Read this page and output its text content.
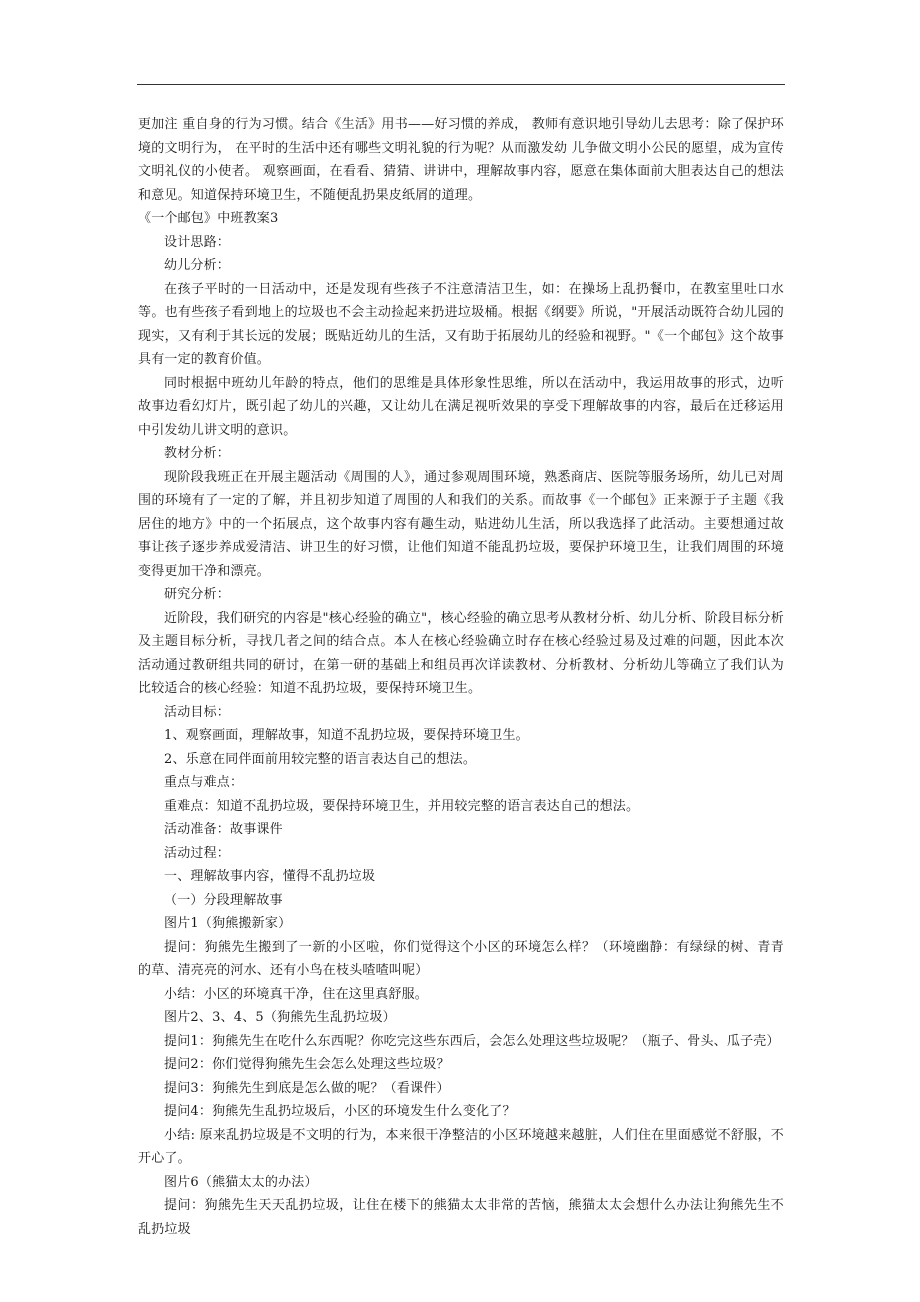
更加注 重自身的行为习惯。结合《生活》用书——好习惯的养成， 教师有意识地引导幼儿去思考：除了保护环境的文明行为， 在平时的生活中还有哪些文明礼貌的行为呢？从而激发幼 儿争做文明小公民的愿望，成为宣传文明礼仪的小使者。 观察画面，在看看、猜猜、讲讲中，理解故事内容，愿意在集体面前大胆表达自己的想法和意见。知道保持环境卫生，不随便乱扔果皮纸屑的道理。

《一个邮包》中班教案3

设计思路：

幼儿分析：

在孩子平时的一日活动中，还是发现有些孩子不注意清洁卫生，如：在操场上乱扔餐巾，在教室里吐口水等。也有些孩子看到地上的垃圾也不会主动捡起来扔进垃圾桶。根据《纲要》所说，"开展活动既符合幼儿园的现实，又有利于其长远的发展；既贴近幼儿的生活，又有助于拓展幼儿的经验和视野。"《一个邮包》这个故事具有一定的教育价值。

同时根据中班幼儿年龄的特点，他们的思维是具体形象性思维，所以在活动中，我运用故事的形式，边听故事边看幻灯片，既引起了幼儿的兴趣，又让幼儿在满足视听效果的享受下理解故事的内容，最后在迁移运用中引发幼儿讲文明的意识。

教材分析：

现阶段我班正在开展主题活动《周围的人》，通过参观周围环境，熟悉商店、医院等服务场所，幼儿已对周围的环境有了一定的了解，并且初步知道了周围的人和我们的关系。而故事《一个邮包》正来源于子主题《我居住的地方》中的一个拓展点，这个故事内容有趣生动，贴进幼儿生活，所以我选择了此活动。主要想通过故事让孩子逐步养成爱清洁、讲卫生的好习惯，让他们知道不能乱扔垃圾，要保护环境卫生，让我们周围的环境变得更加干净和漂亮。

研究分析：

近阶段，我们研究的内容是"核心经验的确立"，核心经验的确立思考从教材分析、幼儿分析、阶段目标分析及主题目标分析，寻找几者之间的结合点。本人在核心经验确立时存在核心经验过易及过难的问题，因此本次活动通过教研组共同的研讨，在第一研的基础上和组员再次详读教材、分析教材、分析幼儿等确立了我们认为比较适合的核心经验：知道不乱扔垃圾，要保持环境卫生。

活动目标：

1、观察画面，理解故事，知道不乱扔垃圾，要保持环境卫生。

2、乐意在同伴面前用较完整的语言表达自己的想法。

重点与难点：

重难点：知道不乱扔垃圾，要保持环境卫生，并用较完整的语言表达自己的想法。

活动准备：故事课件

活动过程：

一、理解故事内容，懂得不乱扔垃圾

（一）分段理解故事

图片1（狗熊搬新家）

提问：狗熊先生搬到了一新的小区啦，你们觉得这个小区的环境怎么样？（环境幽静：有绿绿的树、青青的草、清亮亮的河水、还有小鸟在枝头喳喳叫呢）

小结：小区的环境真干净，住在这里真舒服。

图片2、3、4、5（狗熊先生乱扔垃圾）

提问1：狗熊先生在吃什么东西呢？你吃完这些东西后，会怎么处理这些垃圾呢？（瓶子、骨头、瓜子壳）

提问2：你们觉得狗熊先生会怎么处理这些垃圾？

提问3：狗熊先生到底是怎么做的呢？（看课件）

提问4：狗熊先生乱扔垃圾后，小区的环境发生什么变化了？

小结: 原来乱扔垃圾是不文明的行为，本来很干净整洁的小区环境越来越脏，人们住在里面感觉不舒服，不开心了。

图片6（熊猫太太的办法）

提问：狗熊先生天天乱扔垃圾，让住在楼下的熊猫太太非常的苦恼，熊猫太太会想什么办法让狗熊先生不乱扔垃圾
